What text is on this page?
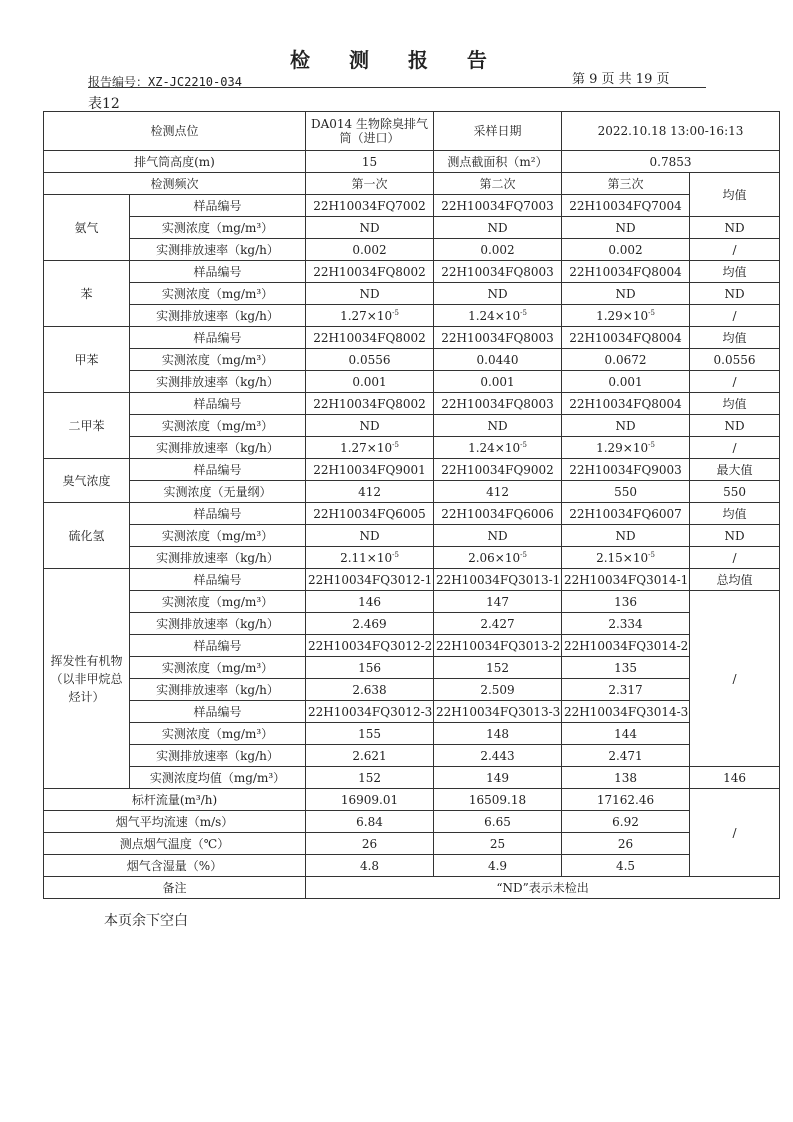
检 测 报 告
报告编号：XZ-JC2210-034	第 9 页 共 19 页
表12
检测点位		DA014 生物除臭排气筒（进口）	采样日期	2022.10.18 13:00-16:13	
排气筒高度(m)		15	测点截面积（m²）	0.7853	
检测频次		第一次	第二次	第三次	均值
氨气	样品编号	22H10034FQ7002	22H10034FQ7003	22H10034FQ7004	
	实测浓度（mg/m³）	ND	ND	ND	ND
	实测排放速率（kg/h）	0.002	0.002	0.002	/
苯	样品编号	22H10034FQ8002	22H10034FQ8003	22H10034FQ8004	均值
	实测浓度（mg/m³）	ND	ND	ND	ND
	实测排放速率（kg/h）	$1.27\times 10^{-5}$	$1.24\times 10^{-5}$	$1.29\times 10^{-5}$	/
甲苯	样品编号	22H10034FQ8002	22H10034FQ8003	22H10034FQ8004	均值
	实测浓度（mg/m³）	0.0556	0.0440	0.0672	0.0556
	实测排放速率（kg/h）	0.001	0.001	0.001	/
二甲苯	样品编号	22H10034FQ8002	22H10034FQ8003	22H10034FQ8004	均值
	实测浓度（mg/m³）	ND	ND	ND	ND
	实测排放速率（kg/h）	$1.27\times 10^{-5}$	$1.24\times 10^{-5}$	$1.29\times 10^{-5}$	/
臭气浓度	样品编号	22H10034FQ9001	22H10034FQ9002	22H10034FQ9003	最大值
	实测浓度（无量纲）	412	412	550	550
硫化氢	样品编号	22H10034FQ6005	22H10034FQ6006	22H10034FQ6007	均值
	实测浓度（mg/m³）	ND	ND	ND	ND
	实测排放速率（kg/h）	$2.11\times 10^{-5}$	$2.06\times 10^{-5}$	$2.15\times 10^{-5}$	/
挥发性有机物（以非甲烷总烃计）	样品编号	22H10034FQ3012-1	22H10034FQ3013-1	22H10034FQ3014-1	总均值
	实测浓度（mg/m³）	146	147	136	/
	实测排放速率（kg/h）	2.469	2.427	2.334	
	样品编号	22H10034FQ3012-2	22H10034FQ3013-2	22H10034FQ3014-2	
	实测浓度（mg/m³）	156	152	135	
	实测排放速率（kg/h）	2.638	2.509	2.317	
	样品编号	22H10034FQ3012-3	22H10034FQ3013-3	22H10034FQ3014-3	
	实测浓度（mg/m³）	155	148	144	
	实测排放速率（kg/h）	2.621	2.443	2.471	
	实测浓度均值（mg/m³）	152	149	138	146
标杆流量(m³/h)		16909.01	16509.18	17162.46	/
烟气平均流速（m/s）		6.84	6.65	6.92	
测点烟气温度（℃）		26	25	26	
烟气含湿量（%）		4.8	4.9	4.5	
备注		“ND”表示未检出			
本页余下空白
